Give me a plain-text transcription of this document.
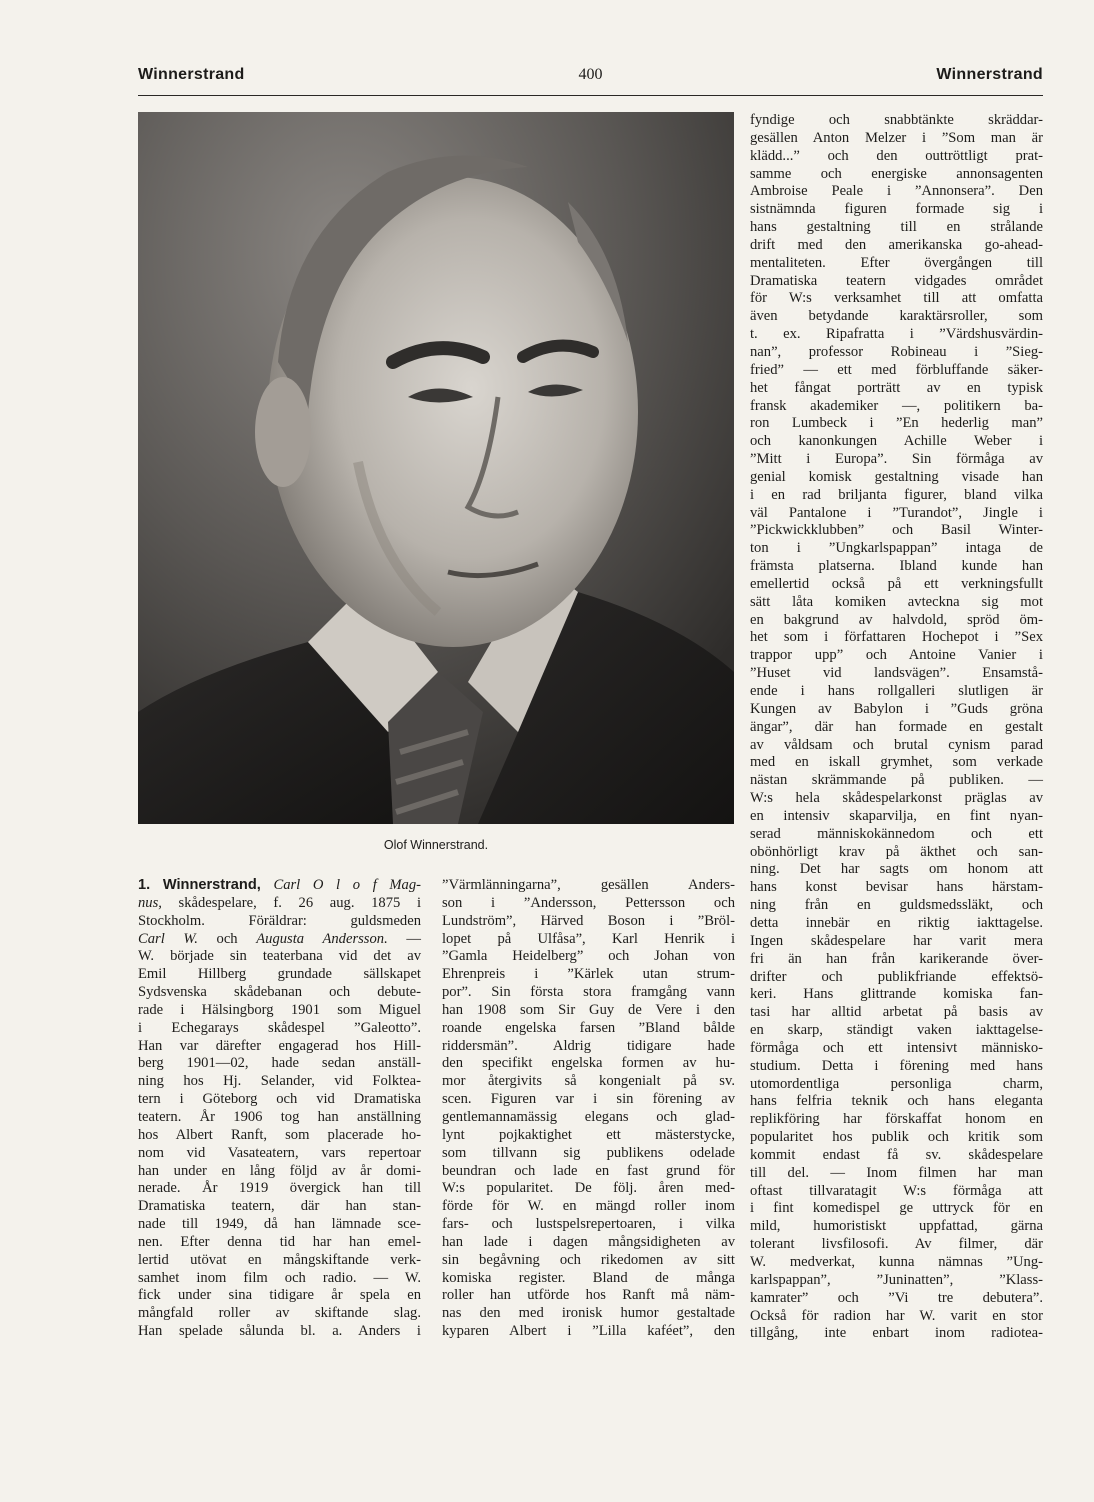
Winnerstrand	400	Winnerstrand
Olof Winnerstrand.
1. Winnerstrand, Carl O l o f Mag-
nus, skådespelare, f. 26 aug. 1875 i
Stockholm. Föräldrar: guldsmeden
Carl W. och Augusta Andersson. —
W. började sin teaterbana vid det av
Emil Hillberg grundade sällskapet
Sydsvenska skådebanan och debute-
rade i Hälsingborg 1901 som Miguel
i Echegarays skådespel ”Galeotto”.
Han var därefter engagerad hos Hill-
berg 1901—02, hade sedan anställ-
ning hos Hj. Selander, vid Folktea-
tern i Göteborg och vid Dramatiska
teatern. År 1906 tog han anställning
hos Albert Ranft, som placerade ho-
nom vid Vasateatern, vars repertoar
han under en lång följd av år domi-
nerade. År 1919 övergick han till
Dramatiska teatern, där han stan-
nade till 1949, då han lämnade sce-
nen. Efter denna tid har han emel-
lertid utövat en mångskiftande verk-
samhet inom film och radio. — W.
fick under sina tidigare år spela en
mångfald roller av skiftande slag.
Han spelade sålunda bl. a. Anders i
”Värmlänningarna”, gesällen Anders-
son i ”Andersson, Pettersson och
Lundström”, Härved Boson i ”Bröl-
lopet på Ulfåsa”, Karl Henrik i
”Gamla Heidelberg” och Johan von
Ehrenpreis i ”Kärlek utan strum-
por”. Sin första stora framgång vann
han 1908 som Sir Guy de Vere i den
roande engelska farsen ”Bland bålde
riddersmän”. Aldrig tidigare hade
den specifikt engelska formen av hu-
mor återgivits så kongenialt på sv.
scen. Figuren var i sin förening av
gentlemannamässig elegans och glad-
lynt pojkaktighet ett mästerstycke,
som tillvann sig publikens odelade
beundran och lade en fast grund för
W:s popularitet. De följ. åren med-
förde för W. en mängd roller inom
fars- och lustspelsrepertoaren, i vilka
han lade i dagen mångsidigheten av
sin begåvning och rikedomen av sitt
komiska register. Bland de många
roller han utförde hos Ranft må näm-
nas den med ironisk humor gestaltade
kyparen Albert i ”Lilla kaféet”, den
fyndige och snabbtänkte skräddar-
gesällen Anton Melzer i ”Som man är
klädd...” och den outtröttligt prat-
samme och energiske annonsagenten
Ambroise Peale i ”Annonsera”. Den
sistnämnda figuren formade sig i
hans gestaltning till en strålande
drift med den amerikanska go-ahead-
mentaliteten. Efter övergången till
Dramatiska teatern vidgades området
för W:s verksamhet till att omfatta
även betydande karaktärsroller, som
t. ex. Ripafratta i ”Värdshusvärdin-
nan”, professor Robineau i ”Sieg-
fried” — ett med förbluffande säker-
het fångat porträtt av en typisk
fransk akademiker —, politikern ba-
ron Lumbeck i ”En hederlig man”
och kanonkungen Achille Weber i
”Mitt i Europa”. Sin förmåga av
genial komisk gestaltning visade han
i en rad briljanta figurer, bland vilka
väl Pantalone i ”Turandot”, Jingle i
”Pickwickklubben” och Basil Winter-
ton i ”Ungkarlspappan” intaga de
främsta platserna. Ibland kunde han
emellertid också på ett verkningsfullt
sätt låta komiken avteckna sig mot
en bakgrund av halvdold, spröd öm-
het som i författaren Hochepot i ”Sex
trappor upp” och Antoine Vanier i
”Huset vid landsvägen”. Ensamstå-
ende i hans rollgalleri slutligen är
Kungen av Babylon i ”Guds gröna
ängar”, där han formade en gestalt
av våldsam och brutal cynism parad
med en iskall grymhet, som verkade
nästan skrämmande på publiken. —
W:s hela skådespelarkonst präglas av
en intensiv skaparvilja, en fint nyan-
serad människokännedom och ett
obönhörligt krav på äkthet och san-
ning. Det har sagts om honom att
hans konst bevisar hans härstam-
ning från en guldsmedssläkt, och
detta innebär en riktig iakttagelse.
Ingen skådespelare har varit mera
fri än han från karikerande över-
drifter och publikfriande effektsö-
keri. Hans glittrande komiska fan-
tasi har alltid arbetat på basis av
en skarp, ständigt vaken iakttagelse-
förmåga och ett intensivt människo-
studium. Detta i förening med hans
utomordentliga personliga charm,
hans felfria teknik och hans eleganta
replikföring har förskaffat honom en
popularitet hos publik och kritik som
kommit endast få sv. skådespelare
till del. — Inom filmen har man
oftast tillvaratagit W:s förmåga att
i fint komedispel ge uttryck för en
mild, humoristiskt uppfattad, gärna
tolerant livsfilosofi. Av filmer, där
W. medverkat, kunna nämnas ”Ung-
karlspappan”, ”Juninatten”, ”Klass-
kamrater” och ”Vi tre debutera”.
Också för radion har W. varit en stor
tillgång, inte enbart inom radiotea-
